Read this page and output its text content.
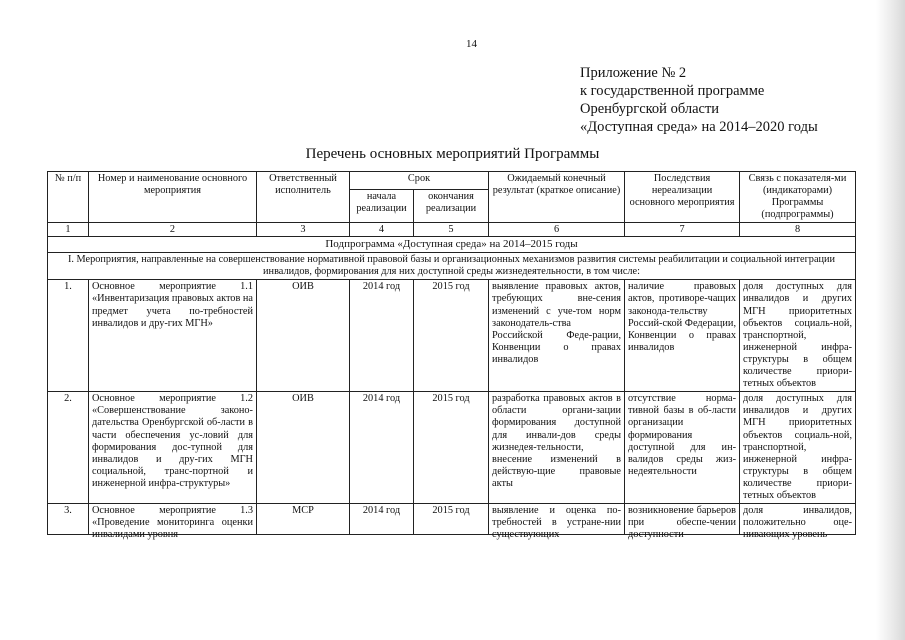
14
Приложение № 2
к государственной программе
Оренбургской области
«Доступная среда» на 2014–2020 годы
Перечень основных мероприятий Программы
№ п/п	Номер и наименование основного мероприятия	Ответственный исполнитель	Срок		Ожидаемый конечный результат (краткое описание)	Последствия нереализации основного мероприятия	Связь с показателя-ми (индикаторами) Программы (подпрограммы)
			начала реализации	окончания реализации			
1	2	3	4	5	6	7	8
Подпрограмма «Доступная среда» на 2014–2015 годы							
I. Мероприятия, направленные на совершенствование нормативной правовой базы и организационных механизмов развития системы реабилитации и социальной интеграции инвалидов, формирования для них доступной среды жизнедеятельности, в том числе:							
1.	Основное мероприятие 1.1 «Инвентаризация правовых актов на предмет учета по-требностей инвалидов и дру-гих МГН»	ОИВ	2014 год	2015 год	выявление правовых актов, требующих вне-сения изменений с уче-том норм законодатель-ства Российской Феде-рации, Конвенции о правах инвалидов	наличие правовых актов, противоре-чащих законода-тельству Россий-ской Федерации, Конвенции о правах инвалидов	доля доступных для инвалидов и других МГН приоритетных объектов социаль-ной, транспортной, инженерной инфра-структуры в общем количестве приори-тетных объектов
2.	Основное мероприятие 1.2 «Совершенствование законо-дательства Оренбургской об-ласти в части обеспечения ус-ловий для формирования дос-тупной для инвалидов и дру-гих МГН социальной, транс-портной и инженерной инфра-структуры»	ОИВ	2014 год	2015 год	разработка правовых актов в области органи-зации формирования доступной для инвали-дов среды жизнедея-тельности, внесение изменений в действую-щие правовые акты	отсутствие норма-тивной базы в об-ласти организации формирования доступной для ин-валидов среды жиз-недеятельности	доля доступных для инвалидов и других МГН приоритетных объектов социаль-ной, транспортной, инженерной инфра-структуры в общем количестве приори-тетных объектов

3.	Основное мероприятие 1.3 «Проведение мониторинга оценки инвалидами уровня	МСР	2014 год	2015 год	выявление и оценка по-требностей в устране-нии существующих	возникновение барьеров при обеспе-чении доступности	доля инвалидов, положительно оце-нивающих уровень
